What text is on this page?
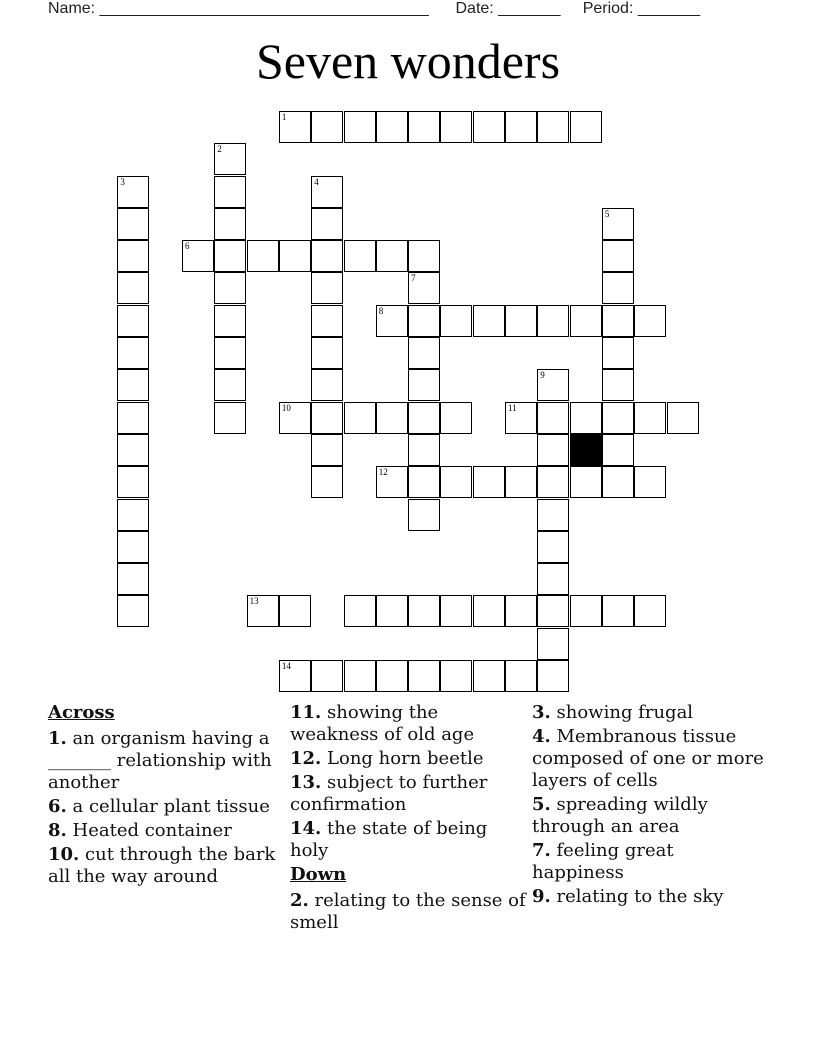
Name: _____________________________________ Date: _______ Period: _______
Seven wonders
1
2
3	4
5
6
7
8
9
10	11
12
13
14
Across
1. an organism having a _______ relationship with another
6. a cellular plant tissue
8. Heated container
10. cut through the bark all the way around
11. showing the weakness of old age
12. Long horn beetle
13. subject to further confirmation
14. the state of being holy
Down
2. relating to the sense of smell
3. showing frugal
4. Membranous tissue composed of one or more layers of cells
5. spreading wildly through an area
7. feeling great happiness
9. relating to the sky
